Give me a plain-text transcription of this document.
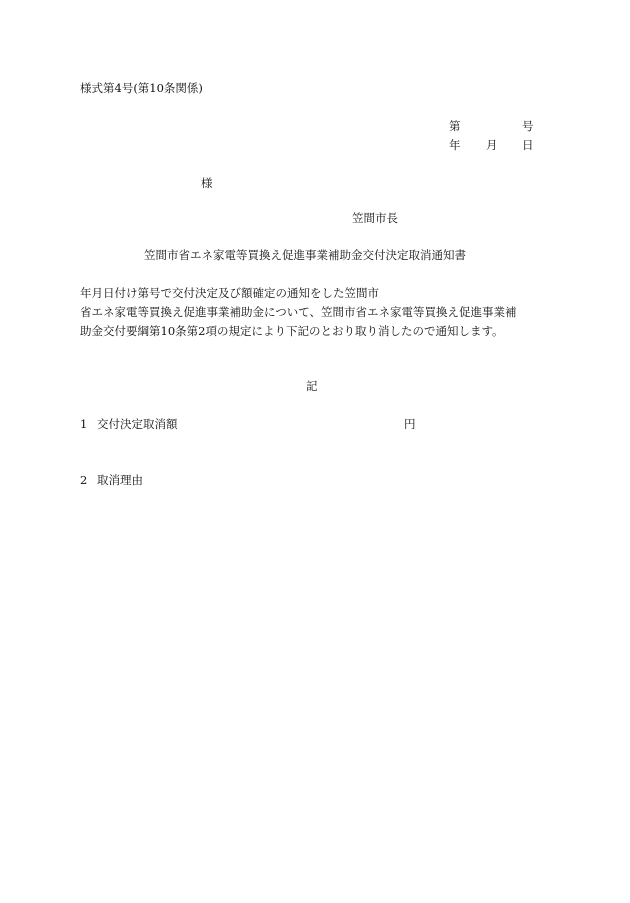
様式第4号(第10条関係)
第	号
年 月 日
様
笠間市長
笠間市省エネ家電等買換え促進事業補助金交付決定取消通知書
年月日付け第号で交付決定及び額確定の通知をした笠間市
省エネ家電等買換え促進事業補助金について、笠間市省エネ家電等買換え促進事業補
助金交付要綱第10条第2項の規定により下記のとおり取り消したので通知します。
記
1 交付決定取消額	円
2 取消理由
